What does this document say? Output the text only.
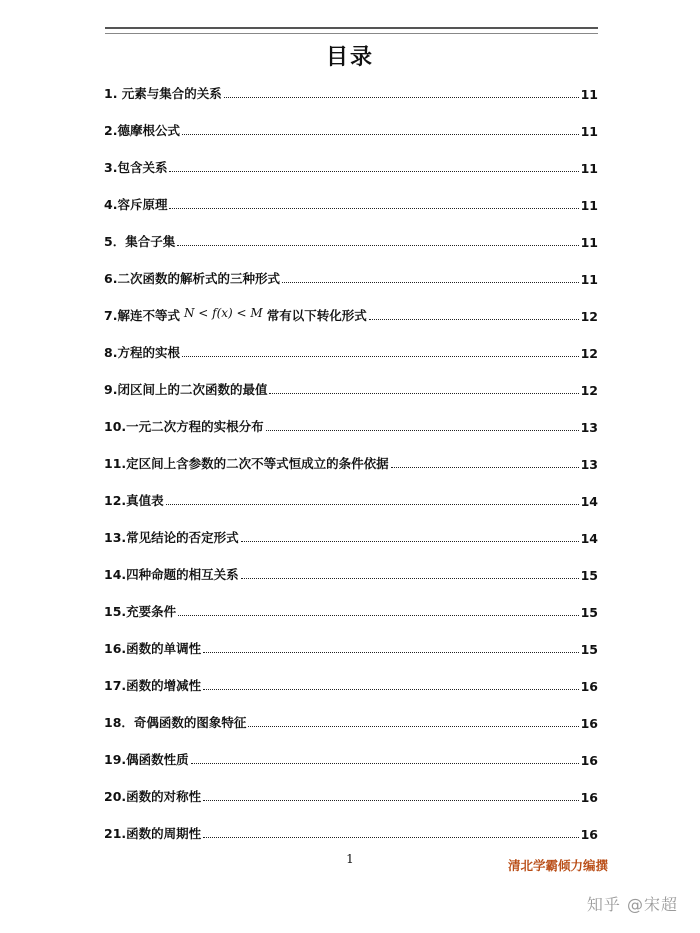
目录
1. 元素与集合的关系	11
2.德摩根公式	11
3.包含关系	11
4.容斥原理	11
5．集合子集	11
6.二次函数的解析式的三种形式	11
7.解连不等式 N < f(x) < M 常有以下转化形式	12
8.方程的实根	12
9.闭区间上的二次函数的最值	12
10.一元二次方程的实根分布	13
11.定区间上含参数的二次不等式恒成立的条件依据	13
12.真值表	14
13.常见结论的否定形式	14
14.四种命题的相互关系	15
15.充要条件	15
16.函数的单调性	15
17.函数的增减性	16
18．奇偶函数的图象特征	16
19.偶函数性质	16
20.函数的对称性	16
21.函数的周期性	16
1	清北学霸倾力编撰
知乎 @宋超
